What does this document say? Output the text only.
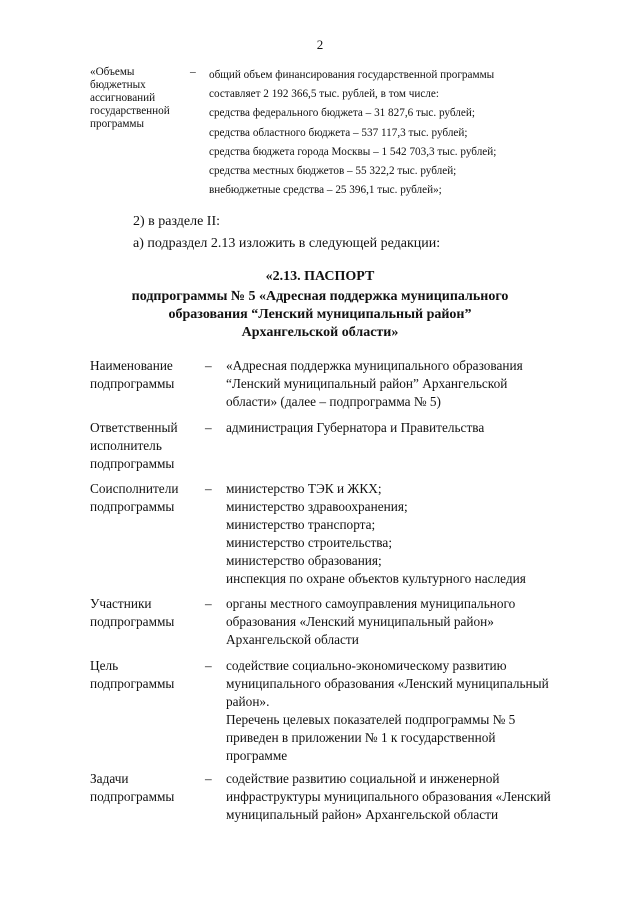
2
«Объемы
бюджетных
ассигнований
государственной
программы
– общий объем финансирования государственной программы
составляет 2 192 366,5 тыс. рублей, в том числе:
средства федерального бюджета – 31 827,6 тыс. рублей;
средства областного бюджета – 537 117,3 тыс. рублей;
средства бюджета города Москвы – 1 542 703,3 тыс. рублей;
средства местных бюджетов – 55 322,2 тыс. рублей;
внебюджетные средства – 25 396,1 тыс. рублей»;
2) в разделе II:
а) подраздел 2.13 изложить в следующей редакции:
«2.13. ПАСПОРТ
подпрограммы № 5 «Адресная поддержка муниципального
образования “Ленский муниципальный район”
Архангельской области»
Наименование
подпрограммы
– «Адресная поддержка муниципального образования
“Ленский муниципальный район” Архангельской
области» (далее – подпрограмма № 5)
Ответственный
исполнитель
подпрограммы
– администрация Губернатора и Правительства
Соисполнители
подпрограммы
– министерство ТЭК и ЖКХ;
министерство здравоохранения;
министерство транспорта;
министерство строительства;
министерство образования;
инспекция по охране объектов культурного наследия
Участники
подпрограммы
– органы местного самоуправления муниципального
образования «Ленский муниципальный район»
Архангельской области
Цель
подпрограммы
– содействие социально-экономическому развитию
муниципального образования «Ленский муниципальный
район».
Перечень целевых показателей подпрограммы № 5
приведен в приложении № 1 к государственной
программе
Задачи
подпрограммы
– содействие развитию социальной и инженерной
инфраструктуры муниципального образования «Ленский
муниципальный район» Архангельской области
